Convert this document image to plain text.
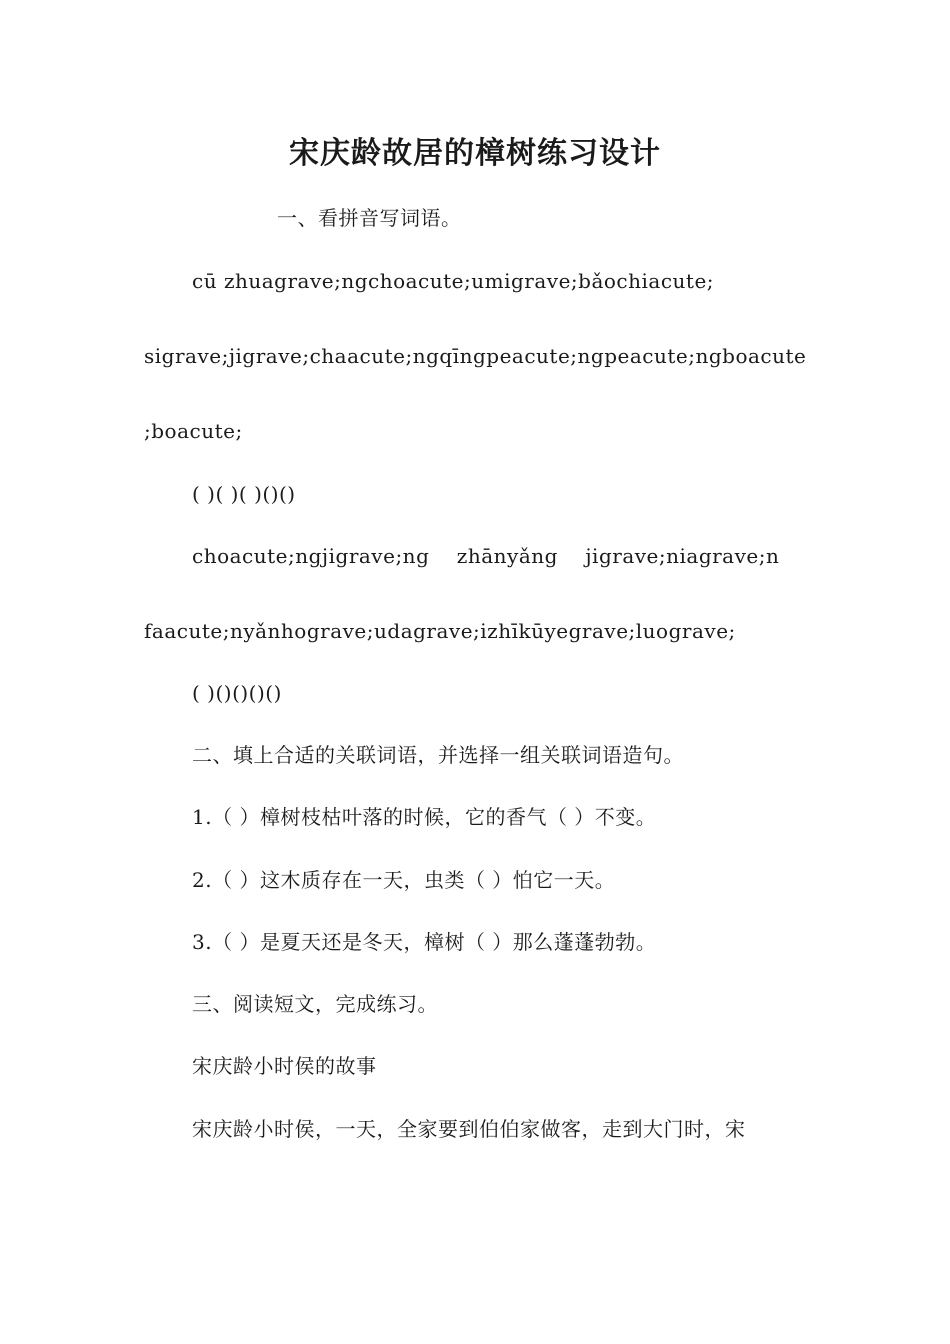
宋庆龄故居的樟树练习设计
一、看拼音写词语。
cū zhuagrave;ngchoacute;umigrave;bǎochiacute;
sigrave;jigrave;chaacute;ngqīngpeacute;ngpeacute;ngboacute
;boacute;
( )( )( )()()
choacute;ngjigrave;ng    zhānyǎng    jigrave;niagrave;n
faacute;nyǎnhograve;udagrave;izhīkūyegrave;luograve;
( )()()()()
二、填上合适的关联词语，并选择一组关联词语造句。
1.（ ）樟树枝枯叶落的时候，它的香气（ ）不变。
2.（ ）这木质存在一天，虫类（ ）怕它一天。
3.（ ）是夏天还是冬天，樟树（ ）那么蓬蓬勃勃。
三、阅读短文，完成练习。
宋庆龄小时侯的故事
宋庆龄小时侯，一天，全家要到伯伯家做客，走到大门时，宋
